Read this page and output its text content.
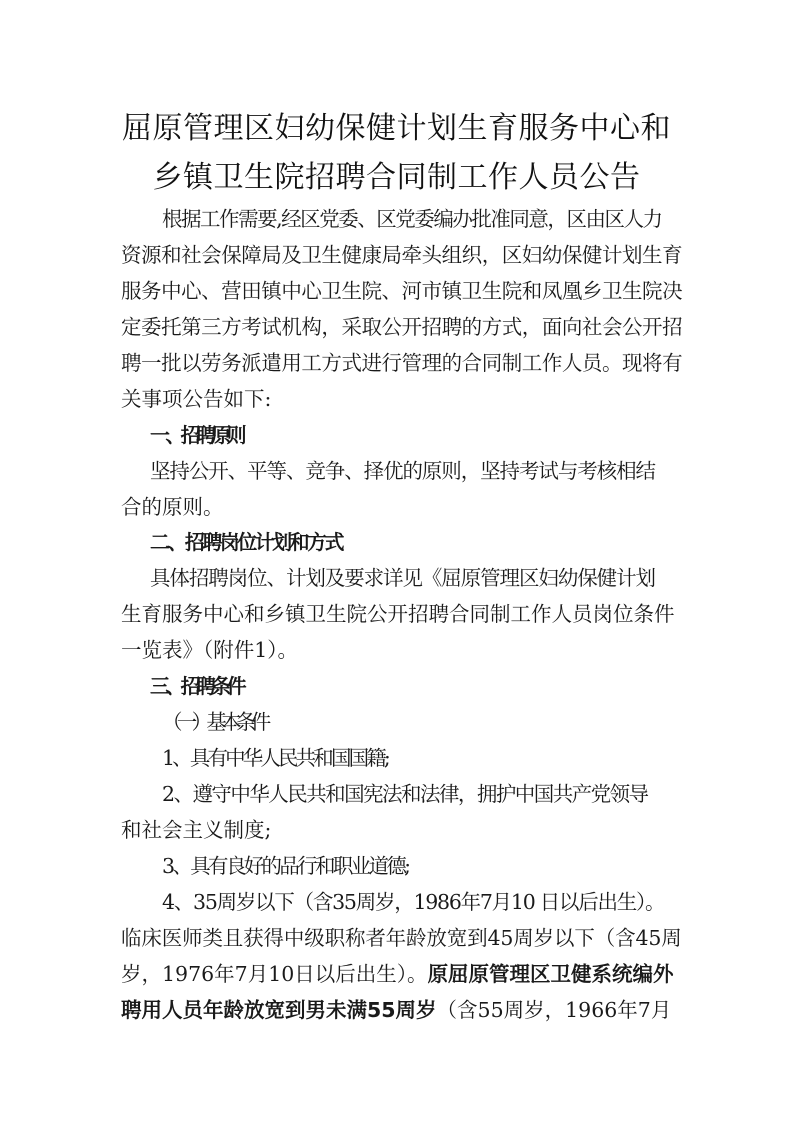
屈原管理区妇幼保健计划生育服务中心和
乡镇卫生院招聘合同制工作人员公告
根据工作需要,经区党委、区党委编办批准同意，区由区人力
资源和社会保障局及卫生健康局牵头组织，区妇幼保健计划生育
服务中心、营田镇中心卫生院、河市镇卫生院和凤凰乡卫生院决
定委托第三方考试机构，采取公开招聘的方式，面向社会公开招
聘一批以劳务派遣用工方式进行管理的合同制工作人员。现将有
关事项公告如下:
一、招聘原则
坚持公开、平等、竞争、择优的原则，坚持考试与考核相结
合的原则。
二、招聘岗位计划和方式
具体招聘岗位、计划及要求详见《屈原管理区妇幼保健计划
生育服务中心和乡镇卫生院公开招聘合同制工作人员岗位条件
一览表》（附件1）。
三、招聘条件
（一）基本条件
1、具有中华人民共和国国籍;
2、遵守中华人民共和国宪法和法律，拥护中国共产党领导
和社会主义制度;
3、具有良好的品行和职业道德;
4、35周岁以下（含35周岁，1986年7月10 日以后出生）。
临床医师类且获得中级职称者年龄放宽到45周岁以下（含45周
岁，1976年7月10日以后出生）。原屈原管理区卫健系统编外
聘用人员年龄放宽到男未满55周岁（含55周岁，1966年7月
